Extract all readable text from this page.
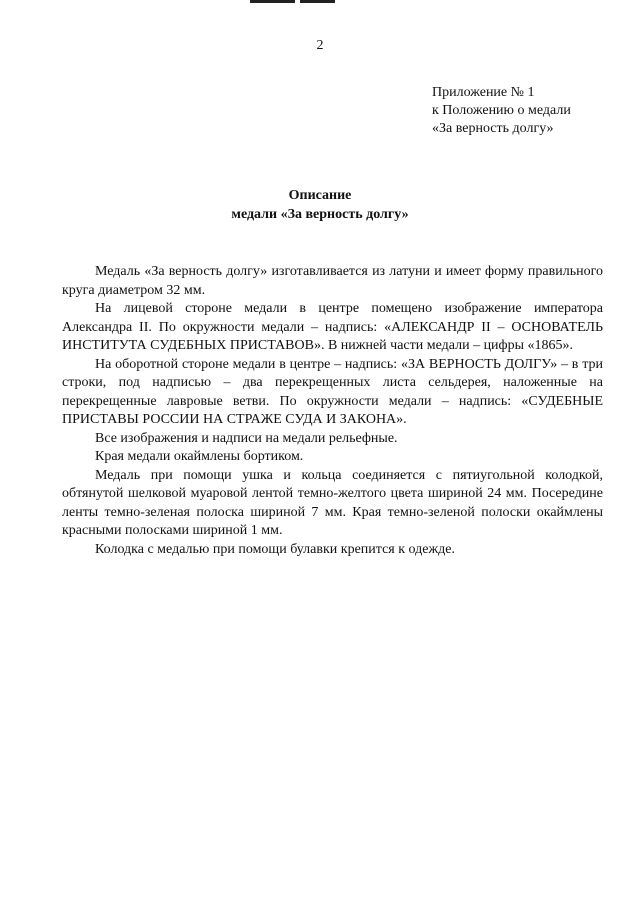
2
Приложение № 1
к Положению о медали
«За верность долгу»
Описание
медали «За верность долгу»

Медаль «За верность долгу» изготавливается из латуни и имеет форму правильного круга диаметром 32 мм.

На лицевой стороне медали в центре помещено изображение императора Александра II. По окружности медали – надпись: «АЛЕКСАНДР II – ОСНОВАТЕЛЬ ИНСТИТУТА СУДЕБНЫХ ПРИСТАВОВ». В нижней части медали – цифры «1865».

На оборотной стороне медали в центре – надпись: «ЗА ВЕРНОСТЬ ДОЛГУ» – в три строки, под надписью – два перекрещенных листа сельдерея, наложенные на перекрещенные лавровые ветви. По окружности медали – надпись: «СУДЕБНЫЕ ПРИСТАВЫ РОССИИ НА СТРАЖЕ СУДА И ЗАКОНА».

Все изображения и надписи на медали рельефные.

Края медали окаймлены бортиком.

Медаль при помощи ушка и кольца соединяется с пятиугольной колодкой, обтянутой шелковой муаровой лентой темно-желтого цвета шириной 24 мм. Посередине ленты темно-зеленая полоска шириной 7 мм. Края темно-зеленой полоски окаймлены красными полосками шириной 1 мм.

Колодка с медалью при помощи булавки крепится к одежде.
